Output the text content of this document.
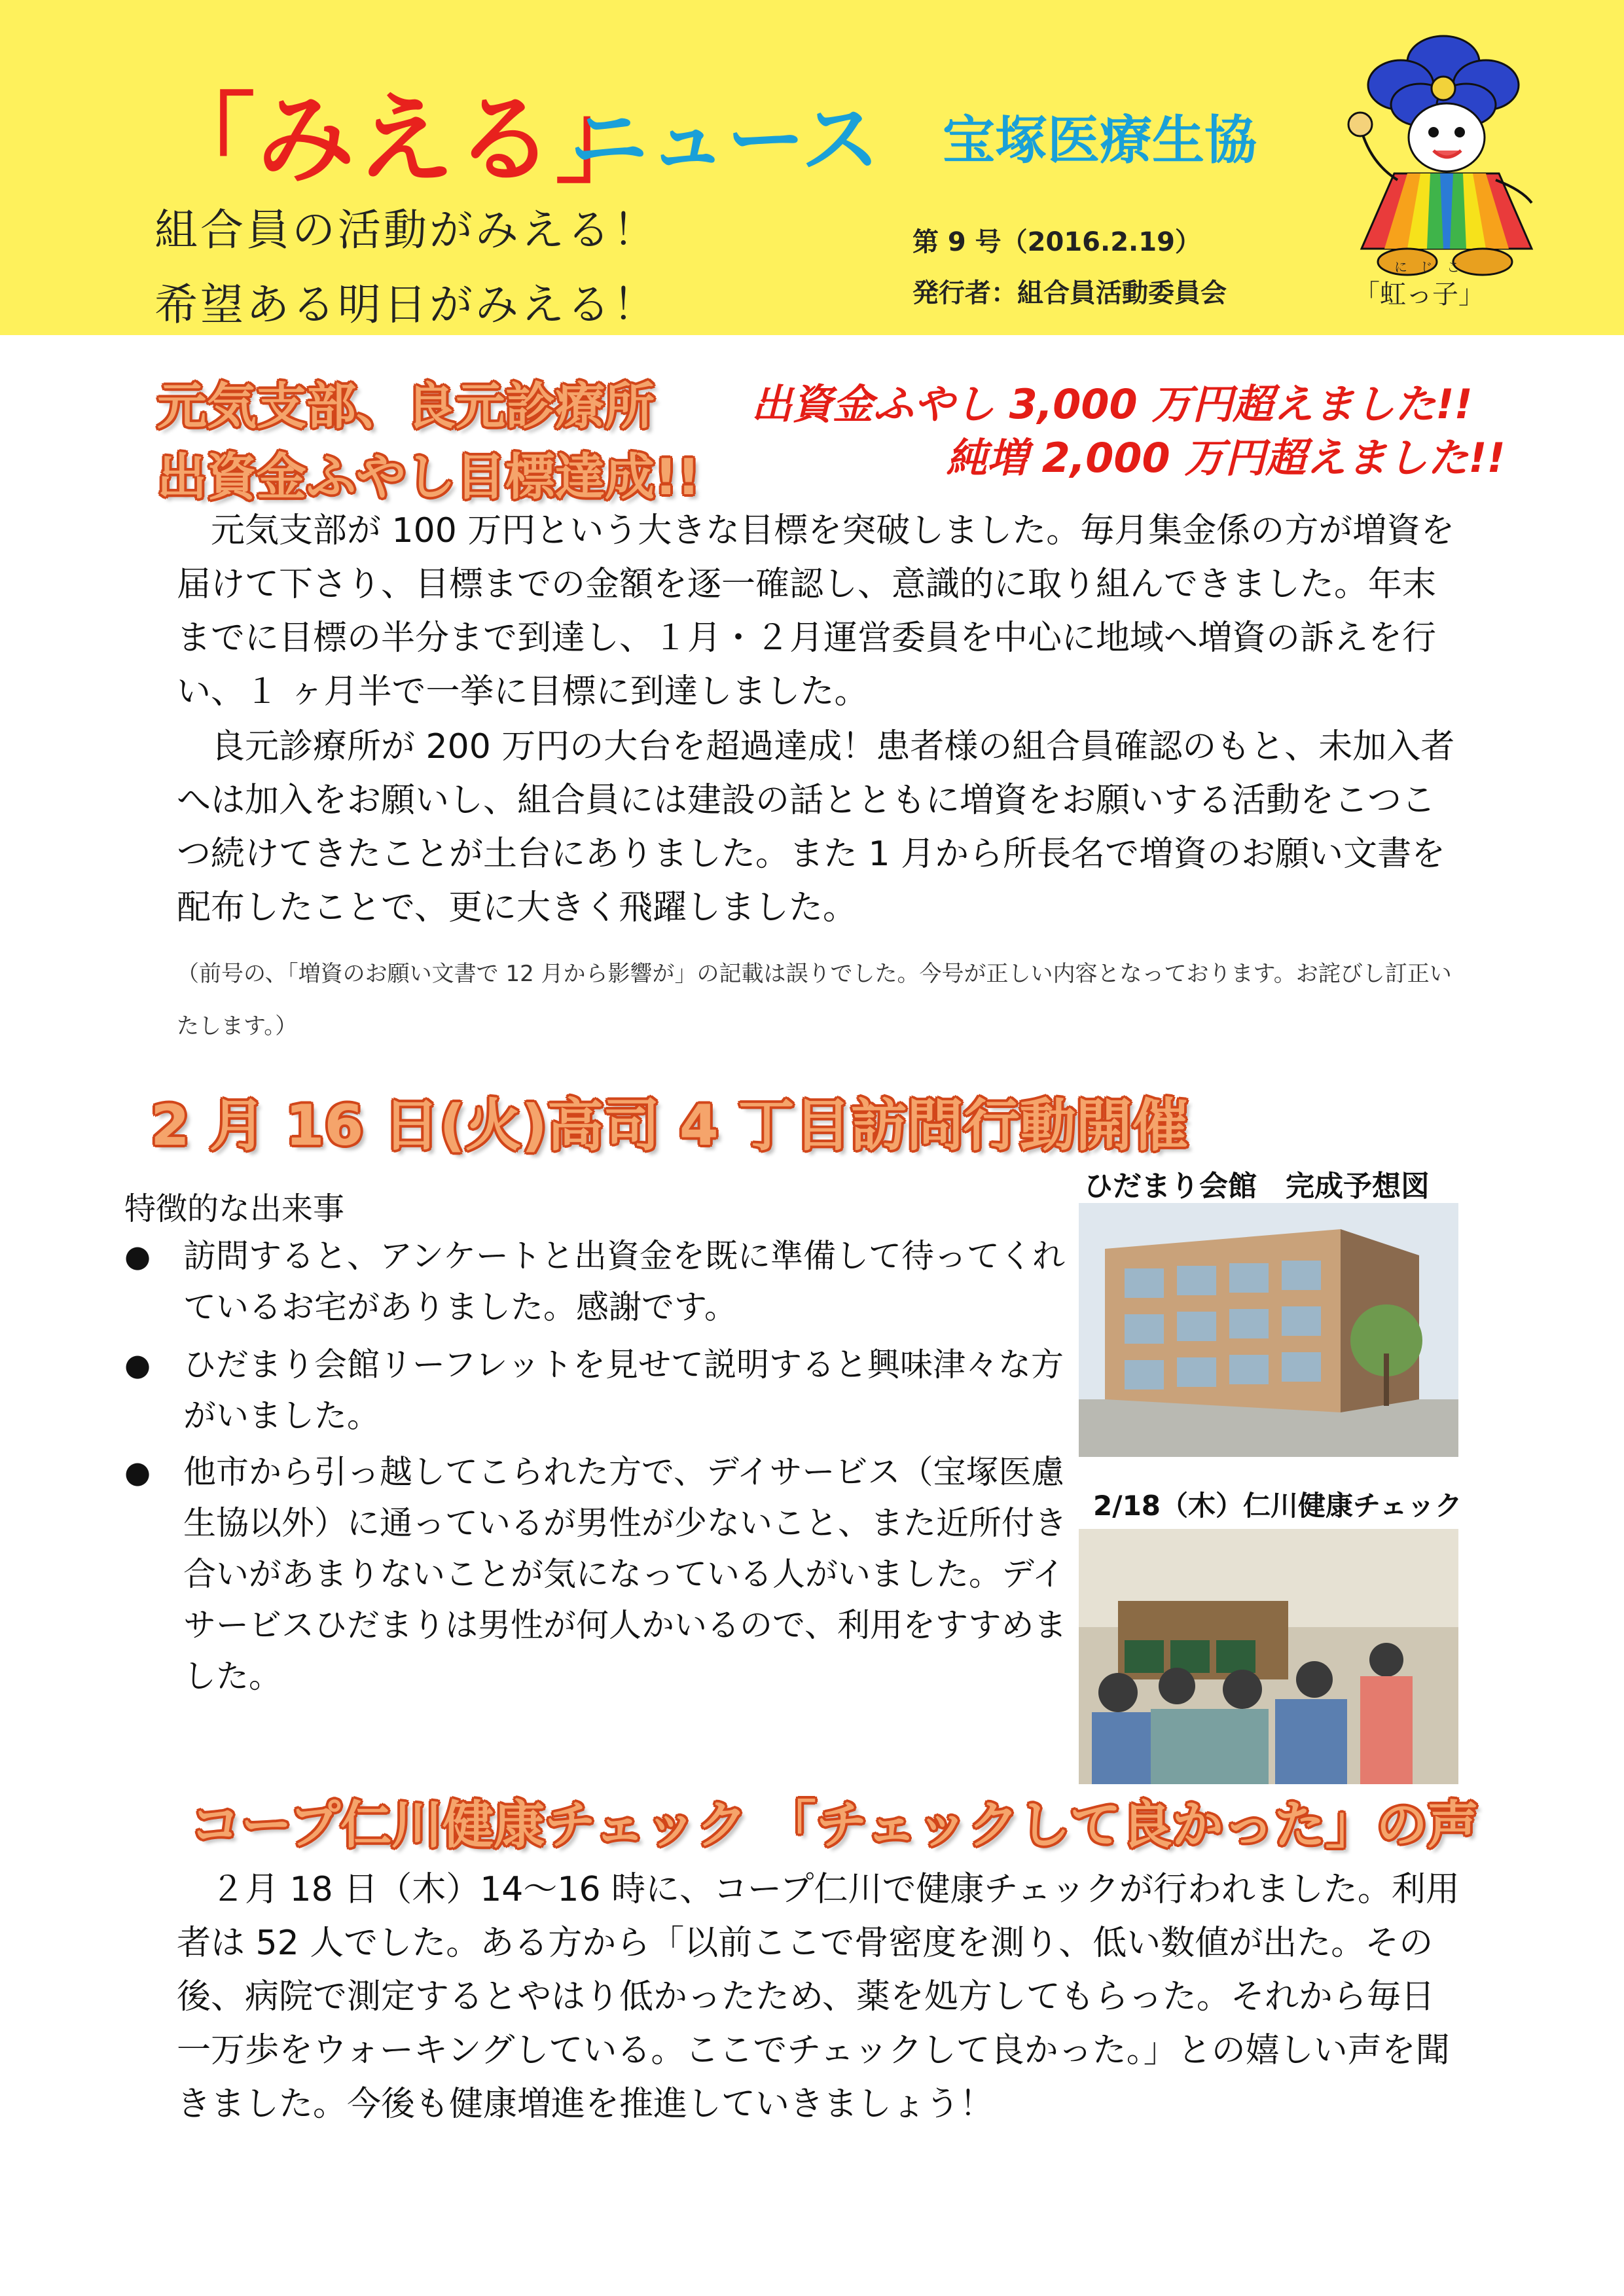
「みえる」
ニュース 宝塚医療生協
組合員の活動がみえる！
希望ある明日がみえる！
第 9 号（2016.2.19）
発行者：組合員活動委員会
にじこ
「虹っ子」
元気支部、良元診療所
出資金ふやし目標達成!!
出資金ふやし 3,000 万円超えました!!
純増 2,000 万円超えました!!
　元気支部が 100 万円という大きな目標を突破しました。毎月集金係の方が増資を届けて下さり、目標までの金額を逐一確認し、意識的に取り組んできました。年末までに目標の半分まで到達し、１月・２月運営委員を中心に地域へ増資の訴えを行い、１ ヶ月半で一挙に目標に到達しました。
　良元診療所が 200 万円の大台を超過達成！患者様の組合員確認のもと、未加入者へは加入をお願いし、組合員には建設の話とともに増資をお願いする活動をこつこつ続けてきたことが土台にありました。また 1 月から所長名で増資のお願い文書を配布したことで、更に大きく飛躍しました。
（前号の、「増資のお願い文書で 12 月から影響が」の記載は誤りでした。今号が正しい内容となっております。お詫びし訂正いたします。）
2 月 16 日(火)高司 4 丁目訪問行動開催
特徴的な出来事
● 訪問すると、アンケートと出資金を既に準備して待ってくれているお宅がありました。感謝です。
● ひだまり会館リーフレットを見せて説明すると興味津々な方がいました。
● 他市から引っ越してこられた方で、デイサービス（宝塚医慮生協以外）に通っているが男性が少ないこと、また近所付き合いがあまりないことが気になっている人がいました。デイサービスひだまりは男性が何人かいるので、利用をすすめました。
ひだまり会館　完成予想図
2/18（木）仁川健康チェック
コープ仁川健康チェック 「チェックして良かった」の声
　２月 18 日（木）14〜16 時に、コープ仁川で健康チェックが行われました。利用者は 52 人でした。ある方から「以前ここで骨密度を測り、低い数値が出た。その後、病院で測定するとやはり低かったため、薬を処方してもらった。それから毎日一万歩をウォーキングしている。ここでチェックして良かった。」との嬉しい声を聞きました。今後も健康増進を推進していきましょう！
